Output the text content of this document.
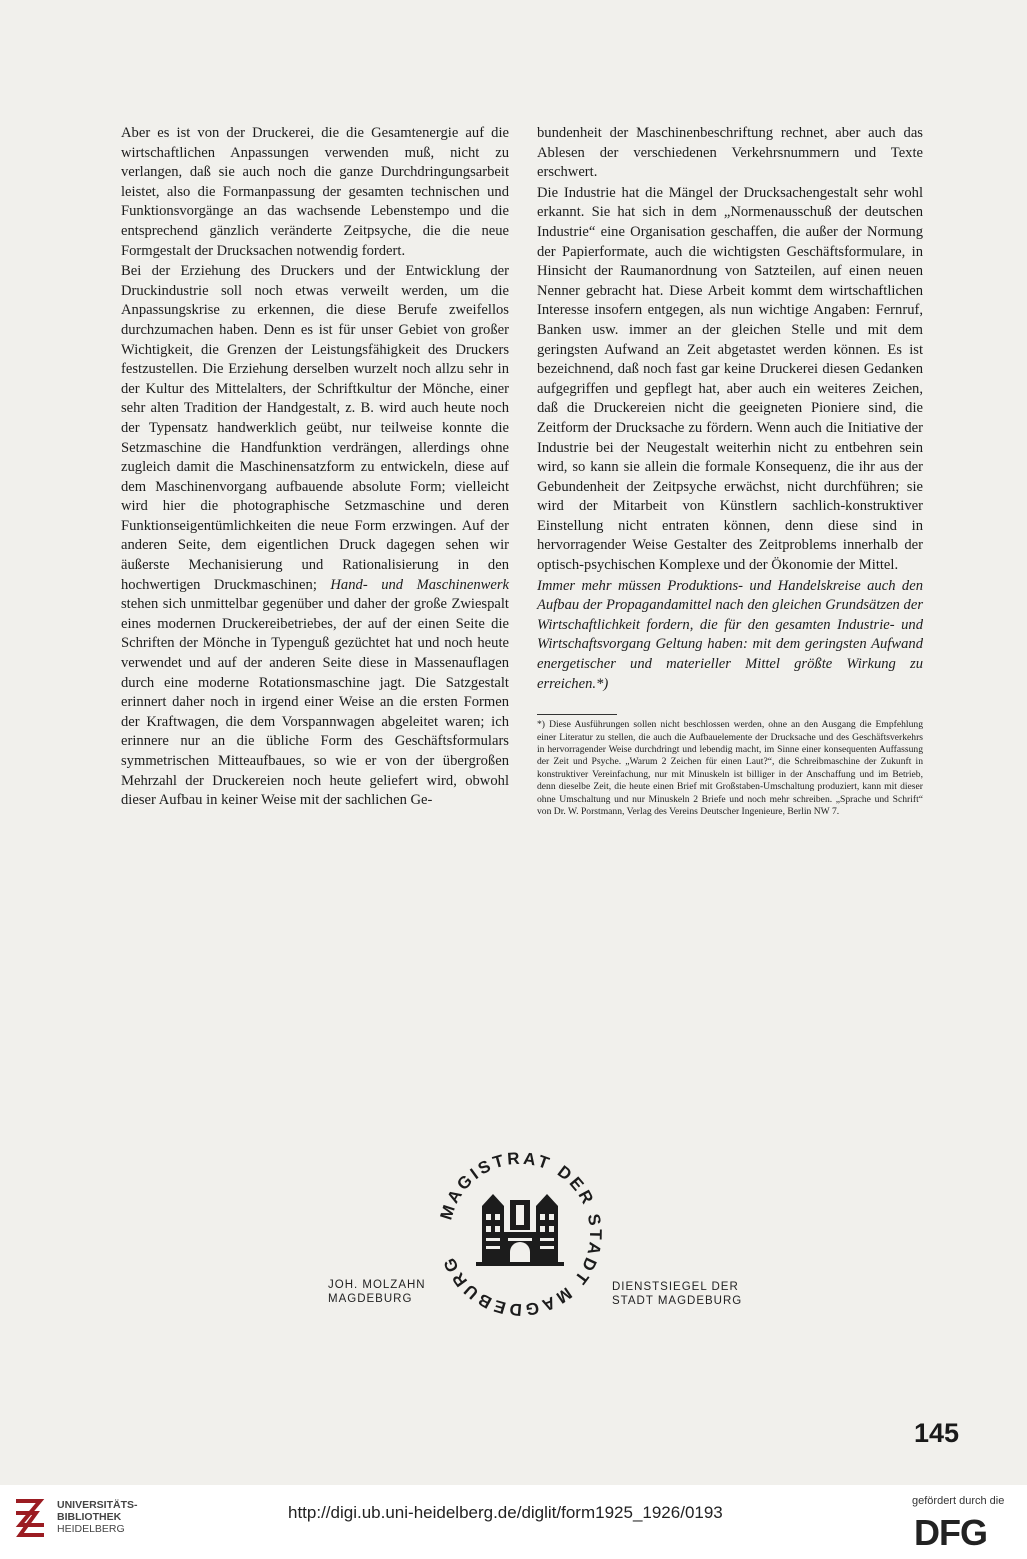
Aber es ist von der Druckerei, die die Gesamtenergie auf die wirtschaftlichen Anpassungen verwenden muß, nicht zu verlangen, daß sie auch noch die ganze Durchdringungsarbeit leistet, also die Formanpassung der gesamten technischen und Funktionsvorgänge an das wachsende Lebenstempo und die entsprechend gänzlich veränderte Zeitpsyche, die die neue Formgestalt der Drucksachen notwendig fordert.

Bei der Erziehung des Druckers und der Entwicklung der Druckindustrie soll noch etwas verweilt werden, um die Anpassungskrise zu erkennen, die diese Berufe zweifellos durchzumachen haben. Denn es ist für unser Gebiet von großer Wichtigkeit, die Grenzen der Leistungsfähigkeit des Druckers festzustellen. Die Erziehung derselben wurzelt noch allzu sehr in der Kultur des Mittelalters, der Schriftkultur der Mönche, einer sehr alten Tradition der Handgestalt, z. B. wird auch heute noch der Typensatz handwerklich geübt, nur teilweise konnte die Setzmaschine die Handfunktion verdrängen, allerdings ohne zugleich damit die Maschinensatzform zu entwickeln, diese auf dem Maschinenvorgang aufbauende absolute Form; vielleicht wird hier die photographische Setzmaschine und deren Funktionseigentümlichkeiten die neue Form erzwingen. Auf der anderen Seite, dem eigentlichen Druck dagegen sehen wir äußerste Mechanisierung und Rationalisierung in den hochwertigen Druckmaschinen; Hand- und Maschinenwerk stehen sich unmittelbar gegenüber und daher der große Zwiespalt eines modernen Druckereibetriebes, der auf der einen Seite die Schriften der Mönche in Typenguß gezüchtet hat und noch heute verwendet und auf der anderen Seite diese in Massenauflagen durch eine moderne Rotationsmaschine jagt. Die Satzgestalt erinnert daher noch in irgend einer Weise an die ersten Formen der Kraftwagen, die dem Vorspannwagen abgeleitet waren; ich erinnere nur an die übliche Form des Geschäftsformulars symmetrischen Mitteaufbaues, so wie er von der übergroßen Mehrzahl der Druckereien noch heute geliefert wird, obwohl dieser Aufbau in keiner Weise mit der sachlichen Ge-

bundenheit der Maschinenbeschriftung rechnet, aber auch das Ablesen der verschiedenen Verkehrsnummern und Texte erschwert.

Die Industrie hat die Mängel der Drucksachengestalt sehr wohl erkannt. Sie hat sich in dem „Normenausschuß der deutschen Industrie“ eine Organisation geschaffen, die außer der Normung der Papierformate, auch die wichtigsten Geschäftsformulare, in Hinsicht der Raumanordnung von Satzteilen, auf einen neuen Nenner gebracht hat. Diese Arbeit kommt dem wirtschaftlichen Interesse insofern entgegen, als nun wichtige Angaben: Fernruf, Banken usw. immer an der gleichen Stelle und mit dem geringsten Aufwand an Zeit abgetastet werden können. Es ist bezeichnend, daß noch fast gar keine Druckerei diesen Gedanken aufgegriffen und gepflegt hat, aber auch ein weiteres Zeichen, daß die Druckereien nicht die geeigneten Pioniere sind, die Zeitform der Drucksache zu fördern. Wenn auch die Initiative der Industrie bei der Neugestalt weiterhin nicht zu entbehren sein wird, so kann sie allein die formale Konsequenz, die ihr aus der Gebundenheit der Zeitpsyche erwächst, nicht durchführen; sie wird der Mitarbeit von Künstlern sachlich-konstruktiver Einstellung nicht entraten können, denn diese sind in hervorragender Weise Gestalter des Zeitproblems innerhalb der optisch-psychischen Komplexe und der Ökonomie der Mittel.

Immer mehr müssen Produktions- und Handelskreise auch den Aufbau der Propagandamittel nach den gleichen Grundsätzen der Wirtschaftlichkeit fordern, die für den gesamten Industrie- und Wirtschaftsvorgang Geltung haben: mit dem geringsten Aufwand energetischer und materieller Mittel größte Wirkung zu erreichen.*)

*) Diese Ausführungen sollen nicht beschlossen werden, ohne an den Ausgang die Empfehlung einer Literatur zu stellen, die auch die Aufbauelemente der Drucksache und des Geschäftsverkehrs in hervorragender Weise durchdringt und lebendig macht, im Sinne einer konsequenten Auffassung der Zeit und Psyche. „Warum 2 Zeichen für einen Laut?“, die Schreibmaschine der Zukunft in konstruktiver Vereinfachung, nur mit Minuskeln ist billiger in der Anschaffung und im Betrieb, denn dieselbe Zeit, die heute einen Brief mit Großstaben-Umschaltung produziert, kann mit dieser ohne Umschaltung und nur Minuskeln 2 Briefe und noch mehr schreiben. „Sprache und Schrift“ von Dr. W. Porstmann, Verlag des Vereins Deutscher Ingenieure, Berlin NW 7.

MAGISTRAT DER STADT MAGDEBURG
JOH. MOLZAHN
MAGDEBURG
DIENSTSIEGEL DER
STADT MAGDEBURG
145
UNIVERSITÄTS-
BIBLIOTHEK
HEIDELBERG
http://digi.ub.uni-heidelberg.de/diglit/form1925_1926/0193
gefördert durch die
DFG
